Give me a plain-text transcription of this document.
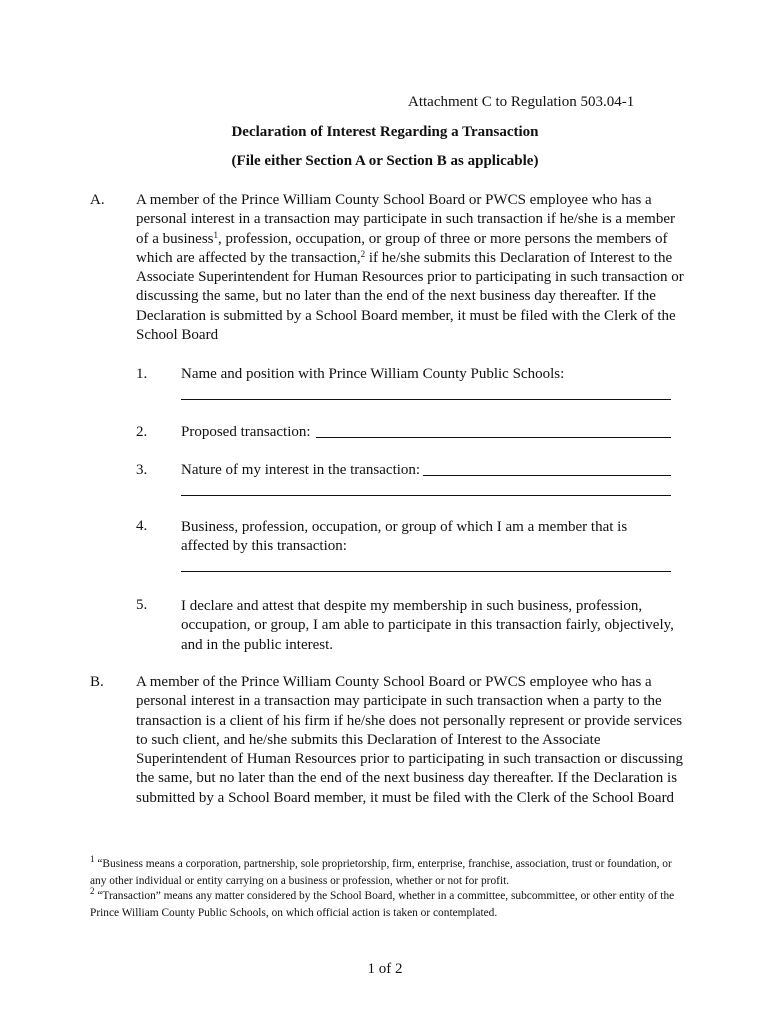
Attachment C to Regulation 503.04-1
Declaration of Interest Regarding a Transaction
(File either Section A or Section B as applicable)
A. A member of the Prince William County School Board or PWCS employee who has a personal interest in a transaction may participate in such transaction if he/she is a member of a business$^1$, profession, occupation, or group of three or more persons the members of which are affected by the transaction,$^2$ if he/she submits this Declaration of Interest to the Associate Superintendent for Human Resources prior to participating in such transaction or discussing the same, but no later than the end of the next business day thereafter. If the Declaration is submitted by a School Board member, it must be filed with the Clerk of the School Board

1. Name and position with Prince William County Public Schools:
2. Proposed transaction:
3. Nature of my interest in the transaction:
4. Business, profession, occupation, or group of which I am a member that is affected by this transaction:

5. I declare and attest that despite my membership in such business, profession, occupation, or group, I am able to participate in this transaction fairly, objectively, and in the public interest.

B. A member of the Prince William County School Board or PWCS employee who has a personal interest in a transaction may participate in such transaction when a party to the transaction is a client of his firm if he/she does not personally represent or provide services to such client, and he/she submits this Declaration of Interest to the Associate Superintendent of Human Resources prior to participating in such transaction or discussing the same, but no later than the end of the next business day thereafter. If the Declaration is submitted by a School Board member, it must be filed with the Clerk of the School Board

$^1$ “Business means a corporation, partnership, sole proprietorship, firm, enterprise, franchise, association, trust or foundation, or any other individual or entity carrying on a business or profession, whether or not for profit.

$^2$ “Transaction” means any matter considered by the School Board, whether in a committee, subcommittee, or other entity of the Prince William County Public Schools, on which official action is taken or contemplated.

1 of 2
